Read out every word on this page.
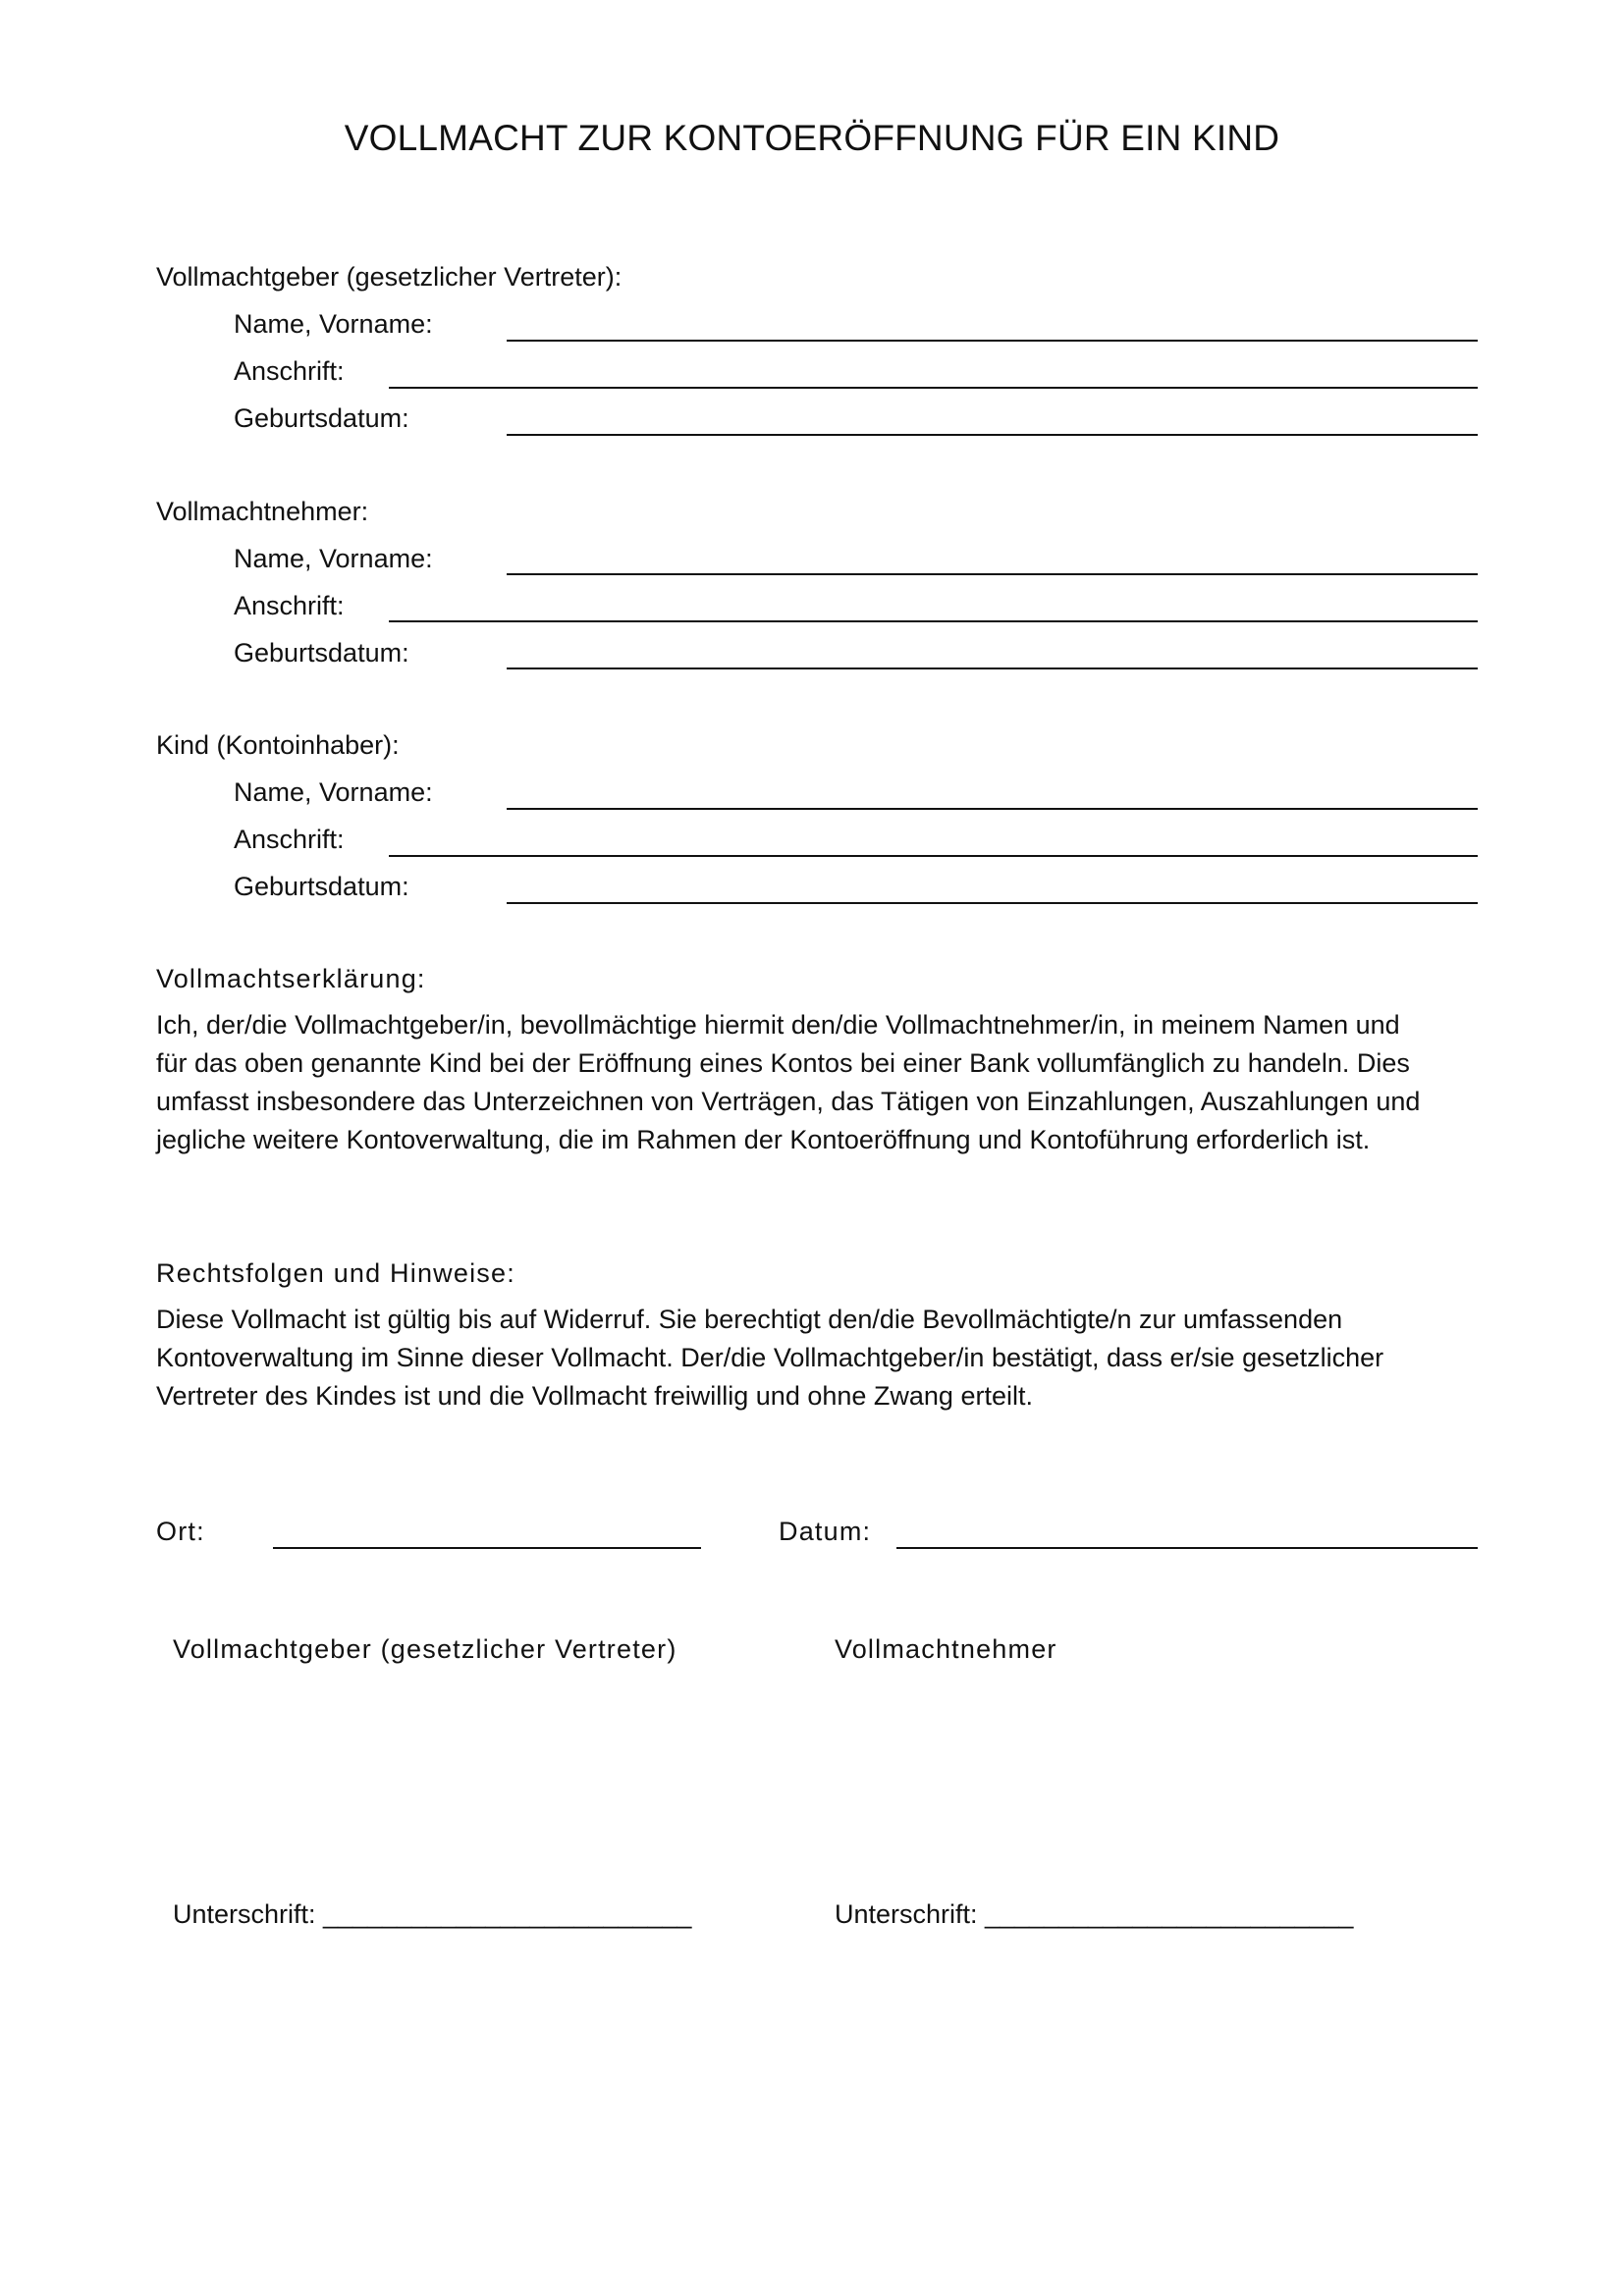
VOLLMACHT ZUR KONTOERÖFFNUNG FÜR EIN KIND
Vollmachtgeber (gesetzlicher Vertreter):
Name, Vorname:
Anschrift:
Geburtsdatum:
Vollmachtnehmer:
Name, Vorname:
Anschrift:
Geburtsdatum:
Kind (Kontoinhaber):
Name, Vorname:
Anschrift:
Geburtsdatum:
Vollmachtserklärung:
Ich, der/die Vollmachtgeber/in, bevollmächtige hiermit den/die Vollmachtnehmer/in, in meinem Namen und
für das oben genannte Kind bei der Eröffnung eines Kontos bei einer Bank vollumfänglich zu handeln. Dies
umfasst insbesondere das Unterzeichnen von Verträgen, das Tätigen von Einzahlungen, Auszahlungen und
jegliche weitere Kontoverwaltung, die im Rahmen der Kontoeröffnung und Kontoführung erforderlich ist.
Rechtsfolgen und Hinweise:
Diese Vollmacht ist gültig bis auf Widerruf. Sie berechtigt den/die Bevollmächtigte/n zur umfassenden
Kontoverwaltung im Sinne dieser Vollmacht. Der/die Vollmachtgeber/in bestätigt, dass er/sie gesetzlicher
Vertreter des Kindes ist und die Vollmacht freiwillig und ohne Zwang erteilt.
Ort:	Datum:
Vollmachtgeber (gesetzlicher Vertreter)	Vollmachtnehmer
Unterschrift: _________________________	Unterschrift: _________________________
